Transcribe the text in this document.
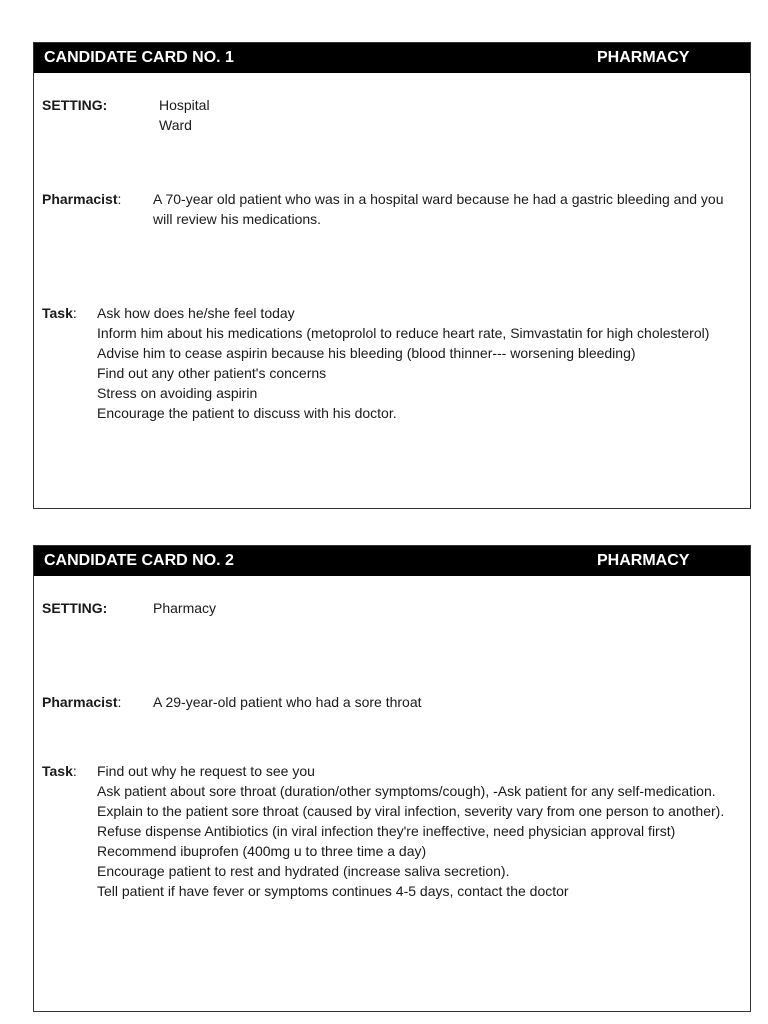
CANDIDATE CARD NO. 1	PHARMACY
SETTING:	Hospital Ward
Pharmacist: A 70-year old patient who was in a hospital ward because he had a gastric bleeding and you will review his medications.
Task: Ask how does he/she feel today
Inform him about his medications (metoprolol to reduce heart rate, Simvastatin for high cholesterol)
Advise him to cease aspirin because his bleeding (blood thinner--- worsening bleeding)
Find out any other patient's concerns
Stress on avoiding aspirin
Encourage the patient to discuss with his doctor.
CANDIDATE CARD NO. 2	PHARMACY
SETTING:	Pharmacy
Pharmacist: A 29-year-old patient who had a sore throat
Task: Find out why he request to see you
Ask patient about sore throat (duration/other symptoms/cough), -Ask patient for any self-medication.
Explain to the patient sore throat (caused by viral infection, severity vary from one person to another).
Refuse dispense Antibiotics (in viral infection they're ineffective, need physician approval first)
Recommend ibuprofen (400mg u to three time a day)
Encourage patient to rest and hydrated (increase saliva secretion).
Tell patient if have fever or symptoms continues 4-5 days, contact the doctor
